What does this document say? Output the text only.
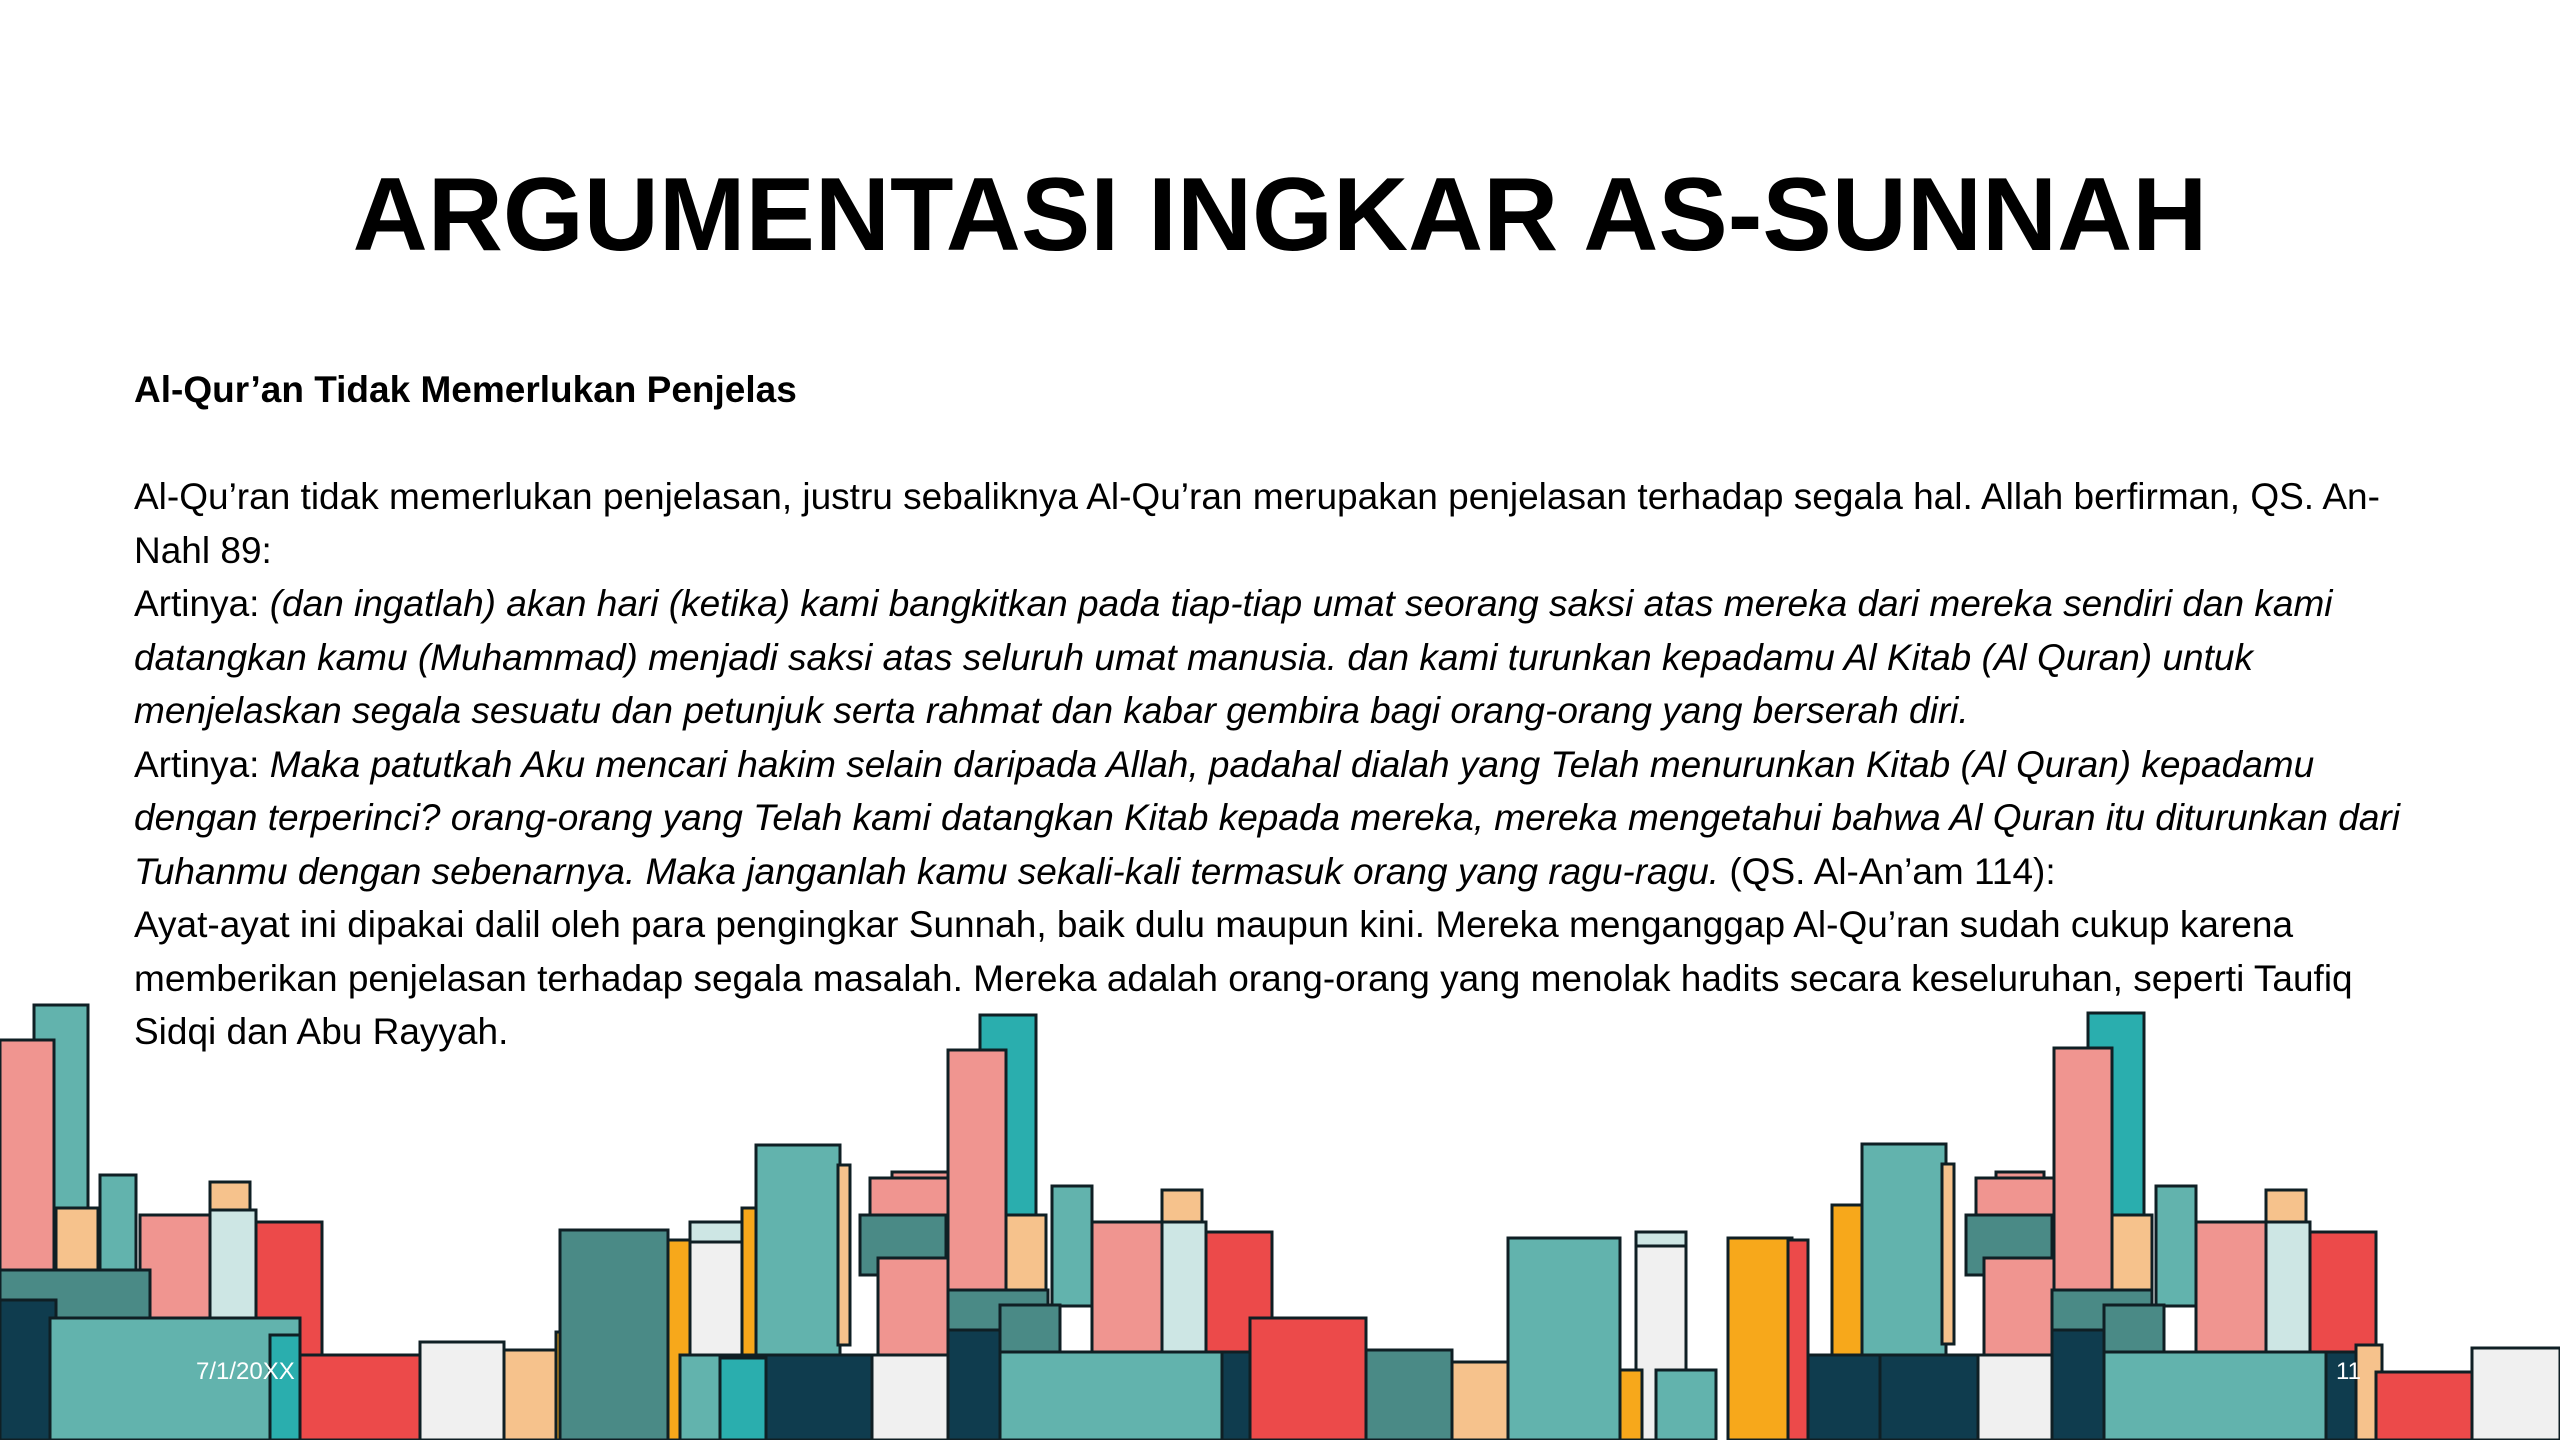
ARGUMENTASI INGKAR AS-SUNNAH

Al-Qur’an Tidak Memerlukan Penjelas

Al-Qu’ran tidak memerlukan penjelasan, justru sebaliknya Al-Qu’ran merupakan penjelasan terhadap segala hal. Allah berfirman, QS. An-Nahl 89:

Artinya: (dan ingatlah) akan hari (ketika) kami bangkitkan pada tiap-tiap umat seorang saksi atas mereka dari mereka sendiri dan kami datangkan kamu (Muhammad) menjadi saksi atas seluruh umat manusia. dan kami turunkan kepadamu Al Kitab (Al Quran) untuk menjelaskan segala sesuatu dan petunjuk serta rahmat dan kabar gembira bagi orang-orang yang berserah diri.

Artinya: Maka patutkah Aku mencari hakim selain daripada Allah, padahal dialah yang Telah menurunkan Kitab (Al Quran) kepadamu dengan terperinci? orang-orang yang Telah kami datangkan Kitab kepada mereka, mereka mengetahui bahwa Al Quran itu diturunkan dari Tuhanmu dengan sebenarnya. Maka janganlah kamu sekali-kali termasuk orang yang ragu-ragu. (QS. Al-An’am 114):

Ayat-ayat ini dipakai dalil oleh para pengingkar Sunnah, baik dulu maupun kini. Mereka menganggap Al-Qu’ran sudah cukup karena memberikan penjelasan terhadap segala masalah. Mereka adalah orang-orang yang menolak hadits secara keseluruhan, seperti Taufiq Sidqi dan Abu Rayyah.

7/1/20XX	11
